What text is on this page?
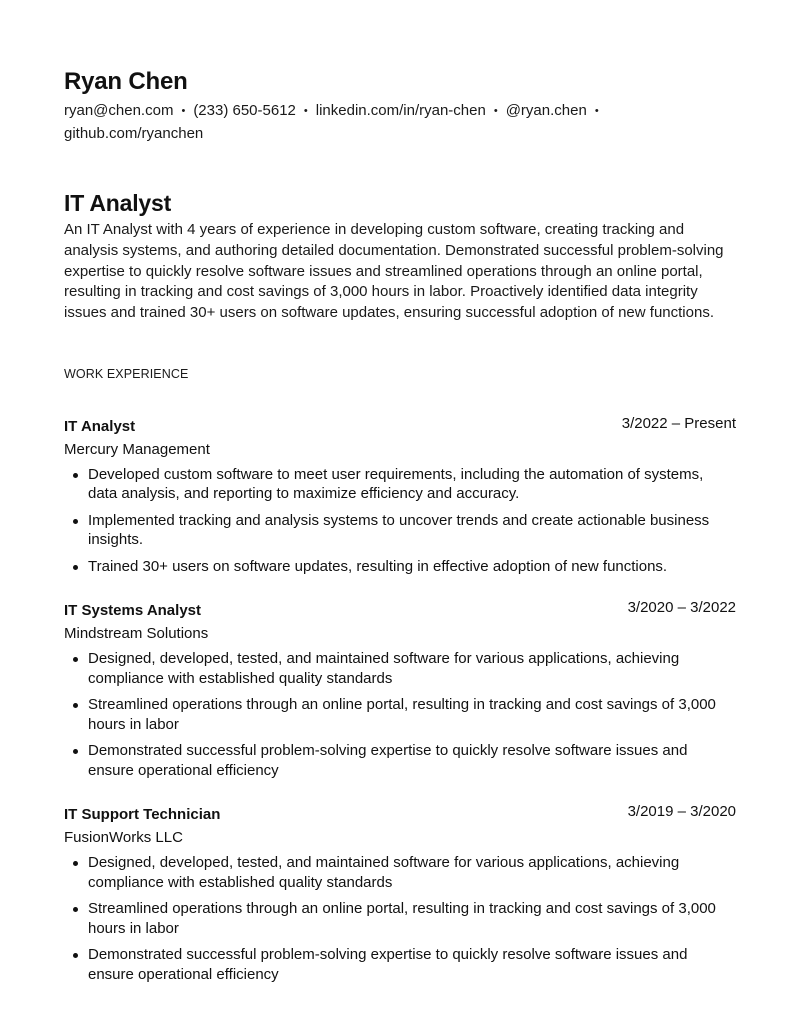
Ryan Chen
ryan@chen.com • (233) 650-5612 • linkedin.com/in/ryan-chen • @ryan.chen •github.com/ryanchen
IT Analyst

An IT Analyst with 4 years of experience in developing custom software, creating tracking and analysis systems, and authoring detailed documentation. Demonstrated successful problem-solving expertise to quickly resolve software issues and streamlined operations through an online portal, resulting in tracking and cost savings of 3,000 hours in labor. Proactively identified data integrity issues and trained 30+ users on software updates, ensuring successful adoption of new functions.

WORK EXPERIENCE
IT Analyst	3/2022 – Present
Mercury Management
Developed custom software to meet user requirements, including the automation of systems, data analysis, and reporting to maximize efficiency and accuracy.
Implemented tracking and analysis systems to uncover trends and create actionable business insights.
Trained 30+ users on software updates, resulting in effective adoption of new functions.
IT Systems Analyst	3/2020 – 3/2022
Mindstream Solutions
Designed, developed, tested, and maintained software for various applications, achieving compliance with established quality standards
Streamlined operations through an online portal, resulting in tracking and cost savings of 3,000 hours in labor
Demonstrated successful problem-solving expertise to quickly resolve software issues and ensure operational efficiency
IT Support Technician	3/2019 – 3/2020
FusionWorks LLC
Designed, developed, tested, and maintained software for various applications, achieving compliance with established quality standards
Streamlined operations through an online portal, resulting in tracking and cost savings of 3,000 hours in labor
Demonstrated successful problem-solving expertise to quickly resolve software issues and ensure operational efficiency
